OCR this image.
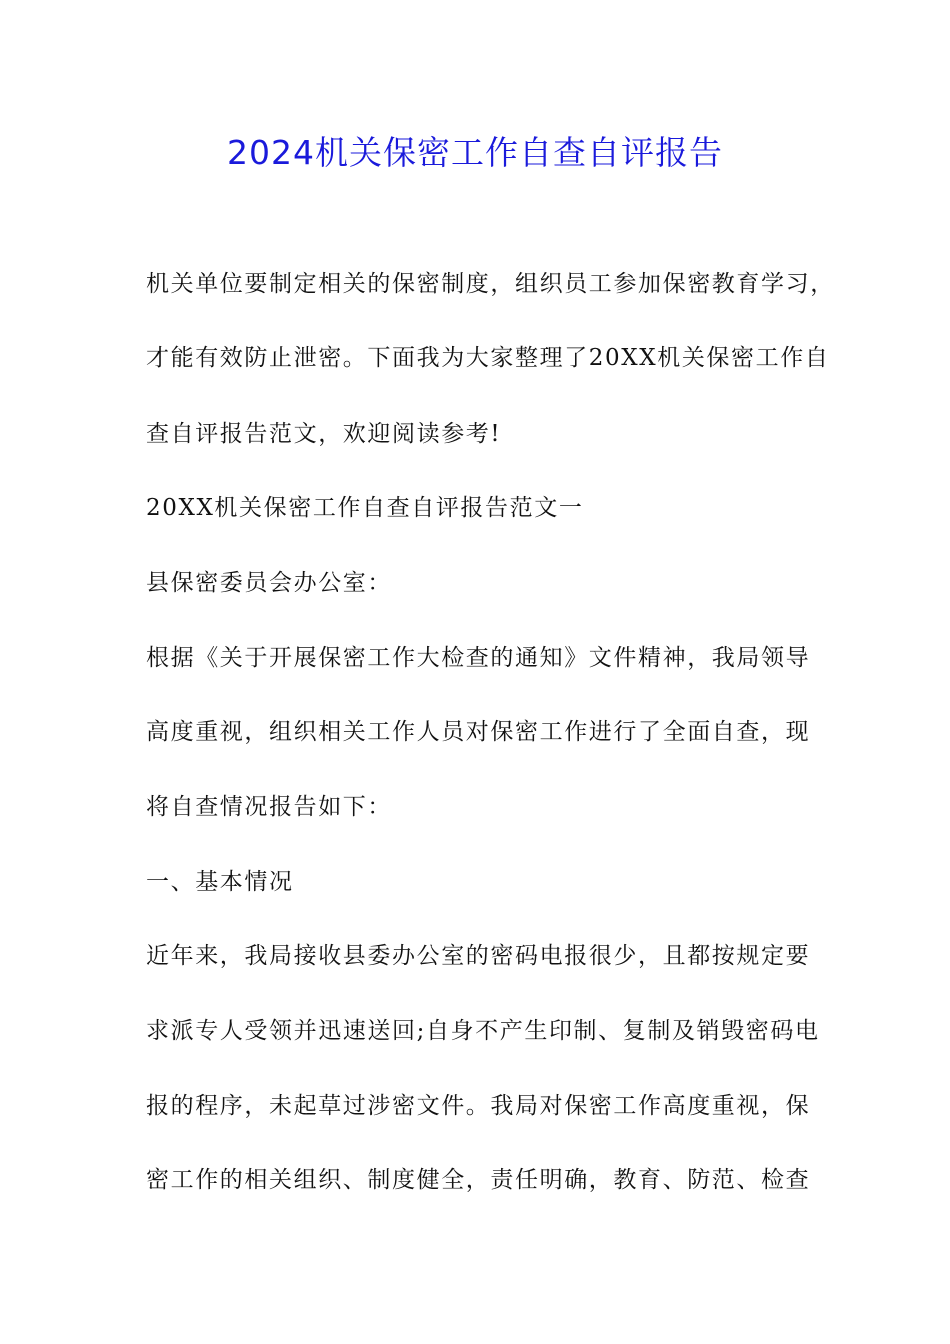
2024机关保密工作自查自评报告

机关单位要制定相关的保密制度，组织员工参加保密教育学习，

才能有效防止泄密。下面我为大家整理了20XX机关保密工作自

查自评报告范文，欢迎阅读参考!

20XX机关保密工作自查自评报告范文一

县保密委员会办公室：

根据《关于开展保密工作大检查的通知》文件精神，我局领导

高度重视，组织相关工作人员对保密工作进行了全面自查，现

将自查情况报告如下：

一、基本情况

近年来，我局接收县委办公室的密码电报很少，且都按规定要

求派专人受领并迅速送回;自身不产生印制、复制及销毁密码电

报的程序，未起草过涉密文件。我局对保密工作高度重视，保

密工作的相关组织、制度健全，责任明确，教育、防范、检查
